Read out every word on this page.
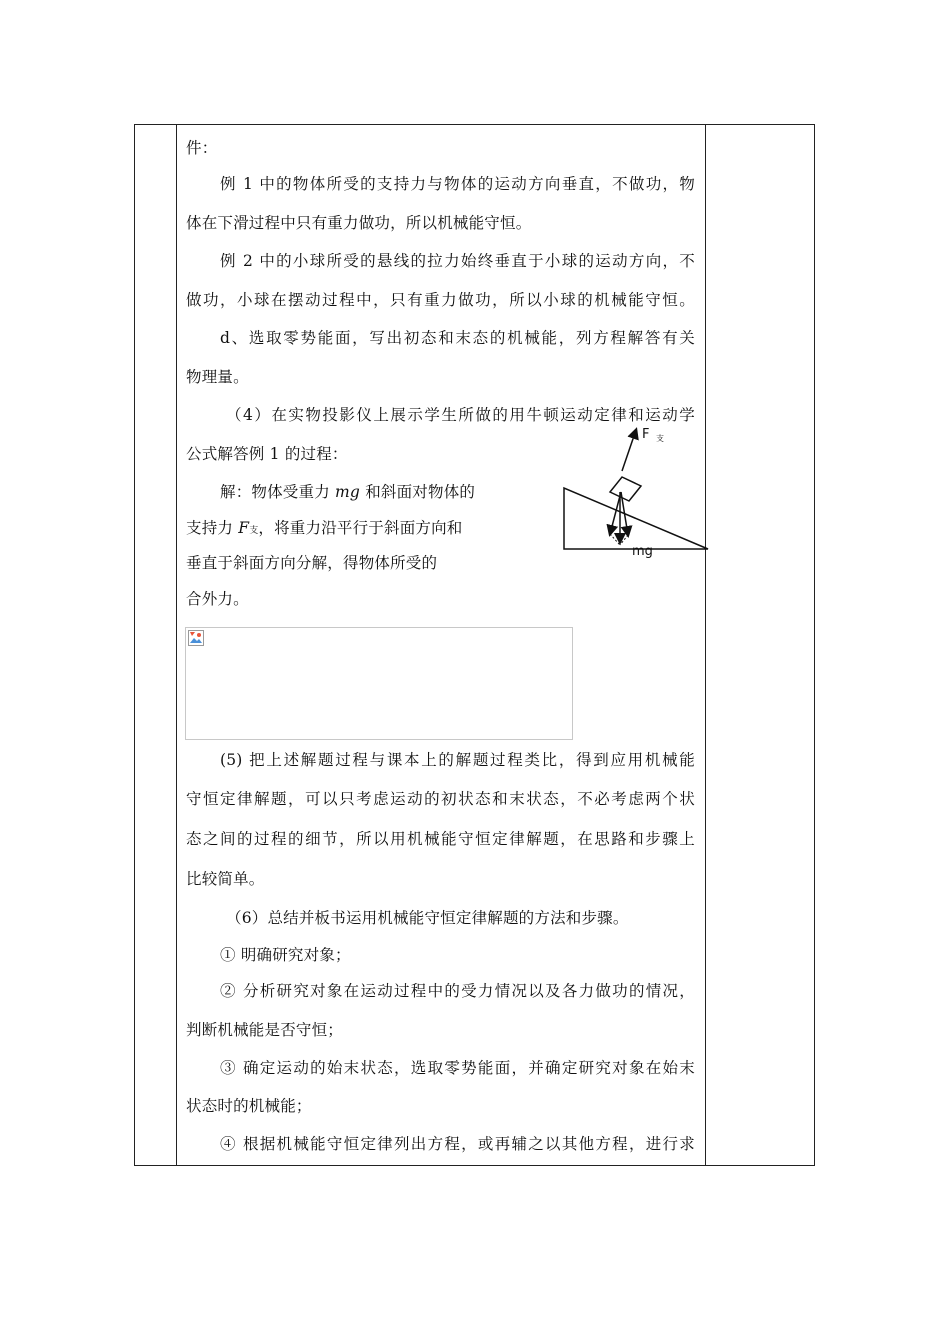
件：
例 1 中的物体所受的支持力与物体的运动方向垂直，不做功，物
体在下滑过程中只有重力做功，所以机械能守恒。
例 2 中的小球所受的悬线的拉力始终垂直于小球的运动方向，不
做功，小球在摆动过程中，只有重力做功，所以小球的机械能守恒。
d、选取零势能面，写出初态和末态的机械能，列方程解答有关
物理量。
（4）在实物投影仪上展示学生所做的用牛顿运动定律和运动学
公式解答例 1 的过程：
解：物体受重力 mg 和斜面对物体的
支持力 F支，将重力沿平行于斜面方向和
垂直于斜面方向分解，得物体所受的
合外力。
(5) 把上述解题过程与课本上的解题过程类比，得到应用机械能
守恒定律解题，可以只考虑运动的初状态和末状态，不必考虑两个状
态之间的过程的细节，所以用机械能守恒定律解题，在思路和步骤上
比较简单。
（6）总结并板书运用机械能守恒定律解题的方法和步骤。
① 明确研究对象；
② 分析研究对象在运动过程中的受力情况以及各力做功的情况，
判断机械能是否守恒；
③ 确定运动的始末状态，选取零势能面，并确定研究对象在始末
状态时的机械能；
④ 根据机械能守恒定律列出方程，或再辅之以其他方程，进行求
F 支
mg
